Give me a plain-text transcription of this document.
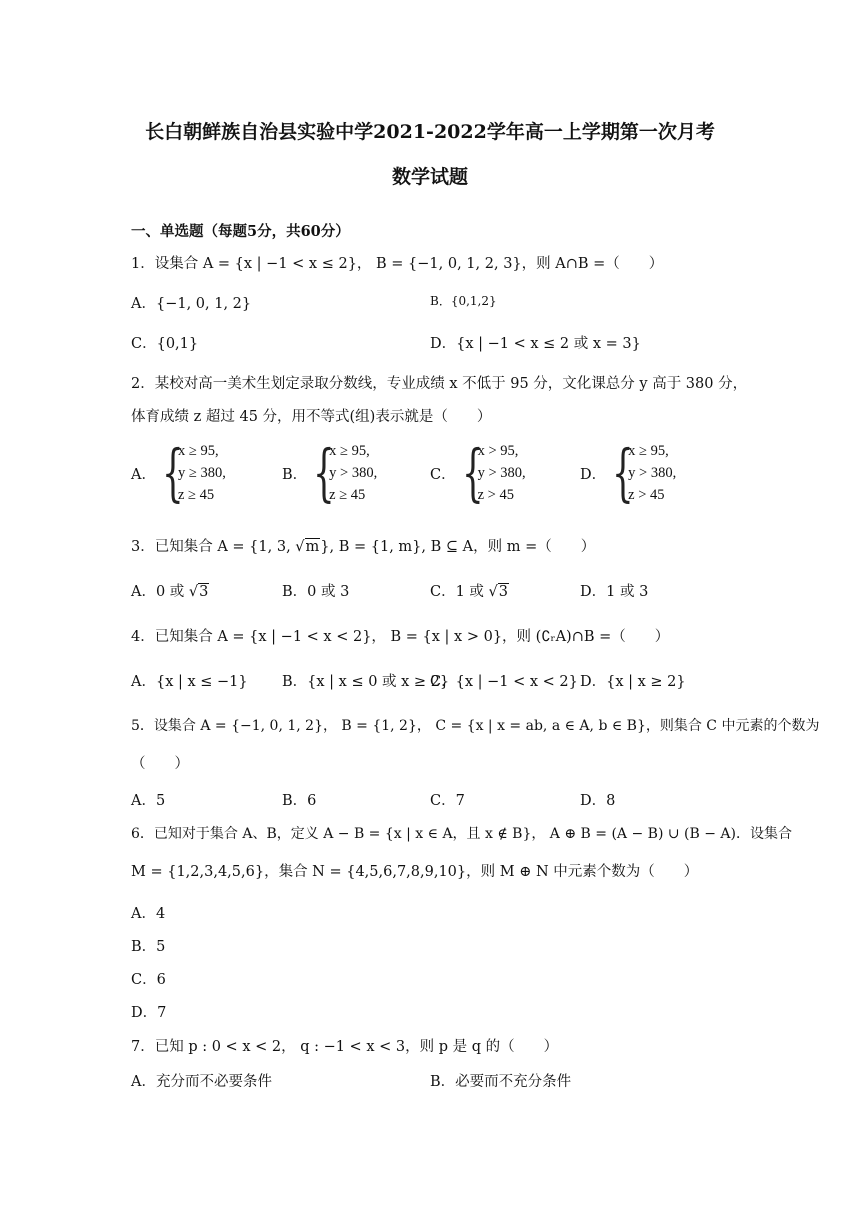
长白朝鲜族自治县实验中学2021-2022学年高一上学期第一次月考
数学试题
一、单选题（每题5分，共60分）
1．设集合 A = {x | −1 < x ≤ 2}， B = {−1, 0, 1, 2, 3}，则 A∩B =（　　）
A．{−1, 0, 1, 2}	B．{0,1,2}
C．{0,1}	D．{x | −1 < x ≤ 2 或 x = 3}
2．某校对高一美术生划定录取分数线，专业成绩 x 不低于 95 分，文化课总分 y 高于 380 分，
体育成绩 z 超过 45 分，用不等式(组)表示就是（　　）
A． {
x ≥ 95,
y ≥ 380,
z ≥ 45
B． {
x ≥ 95,
y > 380,
z ≥ 45
C． {
x > 95,
y > 380,
z > 45
D． {
x ≥ 95,
y > 380,
z > 45
3．已知集合 A = {1, 3, √m}, B = {1, m}, B ⊆ A，则 m =（　　）
A．0 或 √3	B．0 或 3	C．1 或 √3	D．1 或 3
4．已知集合 A = {x | −1 < x < 2}， B = {x | x > 0}，则 (∁ᵣA)∩B =（　　）
A．{x | x ≤ −1} B．{x | x ≤ 0 或 x ≥ 2}
C．{x | −1 < x < 2} D．{x | x ≥ 2}
5．设集合 A = {−1, 0, 1, 2}， B = {1, 2}， C = {x | x = ab, a ∈ A, b ∈ B}，则集合 C 中元素的个数为
（　　）
A．5	B．6	C．7	D．8
6．已知对于集合 A、B，定义 A − B = {x | x ∈ A，且 x ∉ B}， A ⊕ B = (A − B) ∪ (B − A)．设集合
M = {1,2,3,4,5,6}，集合 N = {4,5,6,7,8,9,10}，则 M ⊕ N 中元素个数为（　　）
A．4
B．5
C．6
D．7
7．已知 p : 0 < x < 2， q : −1 < x < 3，则 p 是 q 的（　　）
A．充分而不必要条件	B．必要而不充分条件
